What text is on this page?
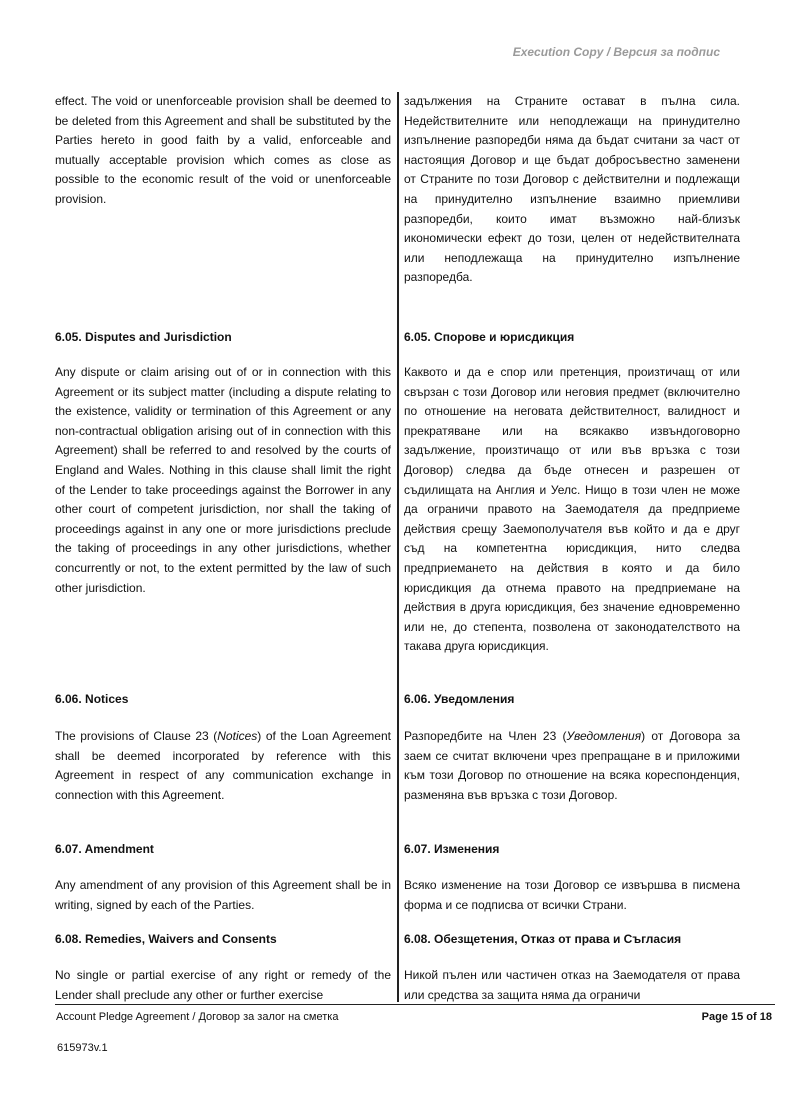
Execution Copy / Версия за подпис

effect. The void or unenforceable provision shall be deemed to be deleted from this Agreement and shall be substituted by the Parties hereto in good faith by a valid, enforceable and mutually acceptable provision which comes as close as possible to the economic result of the void or unenforceable provision.

6.05. Disputes and Jurisdiction

Any dispute or claim arising out of or in connection with this Agreement or its subject matter (including a dispute relating to the existence, validity or termination of this Agreement or any non-contractual obligation arising out of in connection with this Agreement) shall be referred to and resolved by the courts of England and Wales. Nothing in this clause shall limit the right of the Lender to take proceedings against the Borrower in any other court of competent jurisdiction, nor shall the taking of proceedings against in any one or more jurisdictions preclude the taking of proceedings in any other jurisdictions, whether concurrently or not, to the extent permitted by the law of such other jurisdiction.

6.06. Notices

The provisions of Clause 23 (Notices) of the Loan Agreement shall be deemed incorporated by reference with this Agreement in respect of any communication exchange in connection with this Agreement.

6.07. Amendment

Any amendment of any provision of this Agreement shall be in writing, signed by each of the Parties.

6.08. Remedies, Waivers and Consents

No single or partial exercise of any right or remedy of the Lender shall preclude any other or further exercise

задължения на Страните остават в пълна сила. Недействителните или неподлежащи на принудително изпълнение разпоредби няма да бъдат считани за част от настоящия Договор и ще бъдат добросъвестно заменени от Страните по този Договор с действителни и подлежащи на принудително изпълнение взаимно приемливи разпоредби, които имат възможно най-близък икономически ефект до този, целен от недействителната или неподлежаща на принудително изпълнение разпоредба.

6.05. Спорове и юрисдикция

Каквото и да е спор или претенция, произтичащ от или свързан с този Договор или неговия предмет (включително по отношение на неговата действителност, валидност и прекратяване или на всякакво извъндоговорно задължение, произтичащо от или във връзка с този Договор) следва да бъде отнесен и разрешен от съдилищата на Англия и Уелс. Нищо в този член не може да ограничи правото на Заемодателя да предприеме действия срещу Заемополучателя във който и да е друг съд на компетентна юрисдикция, нито следва предприемането на действия в която и да било юрисдикция да отнема правото на предприемане на действия в друга юрисдикция, без значение едновременно или не, до степента, позволена от законодателството на такава друга юрисдикция.

6.06. Уведомления

Разпоредбите на Член 23 (Уведомления) от Договора за заем се считат включени чрез препращане в и приложими към този Договор по отношение на всяка кореспонденция, разменяна във връзка с този Договор.

6.07. Изменения

Всяко изменение на този Договор се извършва в писмена форма и се подписва от всички Страни.

6.08. Обезщетения, Отказ от права и Съгласия

Никой пълен или частичен отказ на Заемодателя от права или средства за защита няма да ограничи

Account Pledge Agreement / Договор за залог на сметка	Page 15 of 18
615973v.1
